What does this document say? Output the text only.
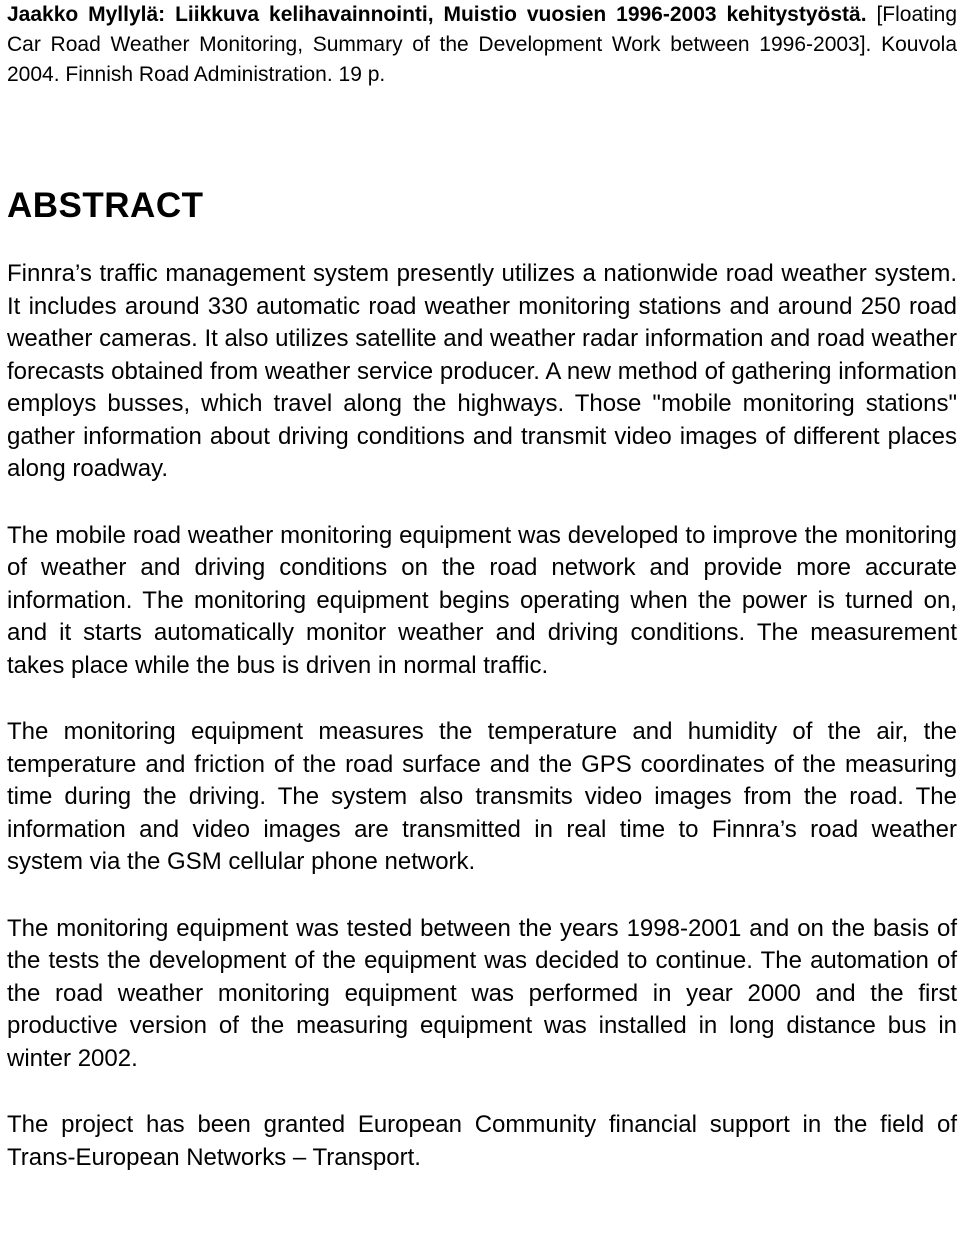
Jaakko Myllylä: Liikkuva kelihavainnointi, Muistio vuosien 1996-2003 kehitystyöstä. [Floating Car Road Weather Monitoring, Summary of the Development Work between 1996-2003]. Kouvola 2004. Finnish Road Administration. 19 p.

ABSTRACT

Finnra’s traffic management system presently utilizes a nationwide road weather system. It includes around 330 automatic road weather monitoring stations and around 250 road weather cameras. It also utilizes satellite and weather radar information and road weather forecasts obtained from weather service producer. A new method of gathering information employs busses, which travel along the highways. Those "mobile monitoring stations" gather information about driving conditions and transmit video images of different places along roadway.

The mobile road weather monitoring equipment was developed to improve the monitoring of weather and driving conditions on the road network and provide more accurate information. The monitoring equipment begins operating when the power is turned on, and it starts automatically monitor weather and driving conditions. The measurement takes place while the bus is driven in normal traffic.

The monitoring equipment measures the temperature and humidity of the air, the temperature and friction of the road surface and the GPS coordinates of the measuring time during the driving. The system also transmits video images from the road. The information and video images are transmitted in real time to Finnra’s road weather system via the GSM cellular phone network.

The monitoring equipment was tested between the years 1998-2001 and on the basis of the tests the development of the equipment was decided to continue. The automation of the road weather monitoring equipment was performed in year 2000 and the first productive version of the measuring equipment was installed in long distance bus in winter 2002.

The project has been granted European Community financial support in the field of Trans-European Networks – Transport.
